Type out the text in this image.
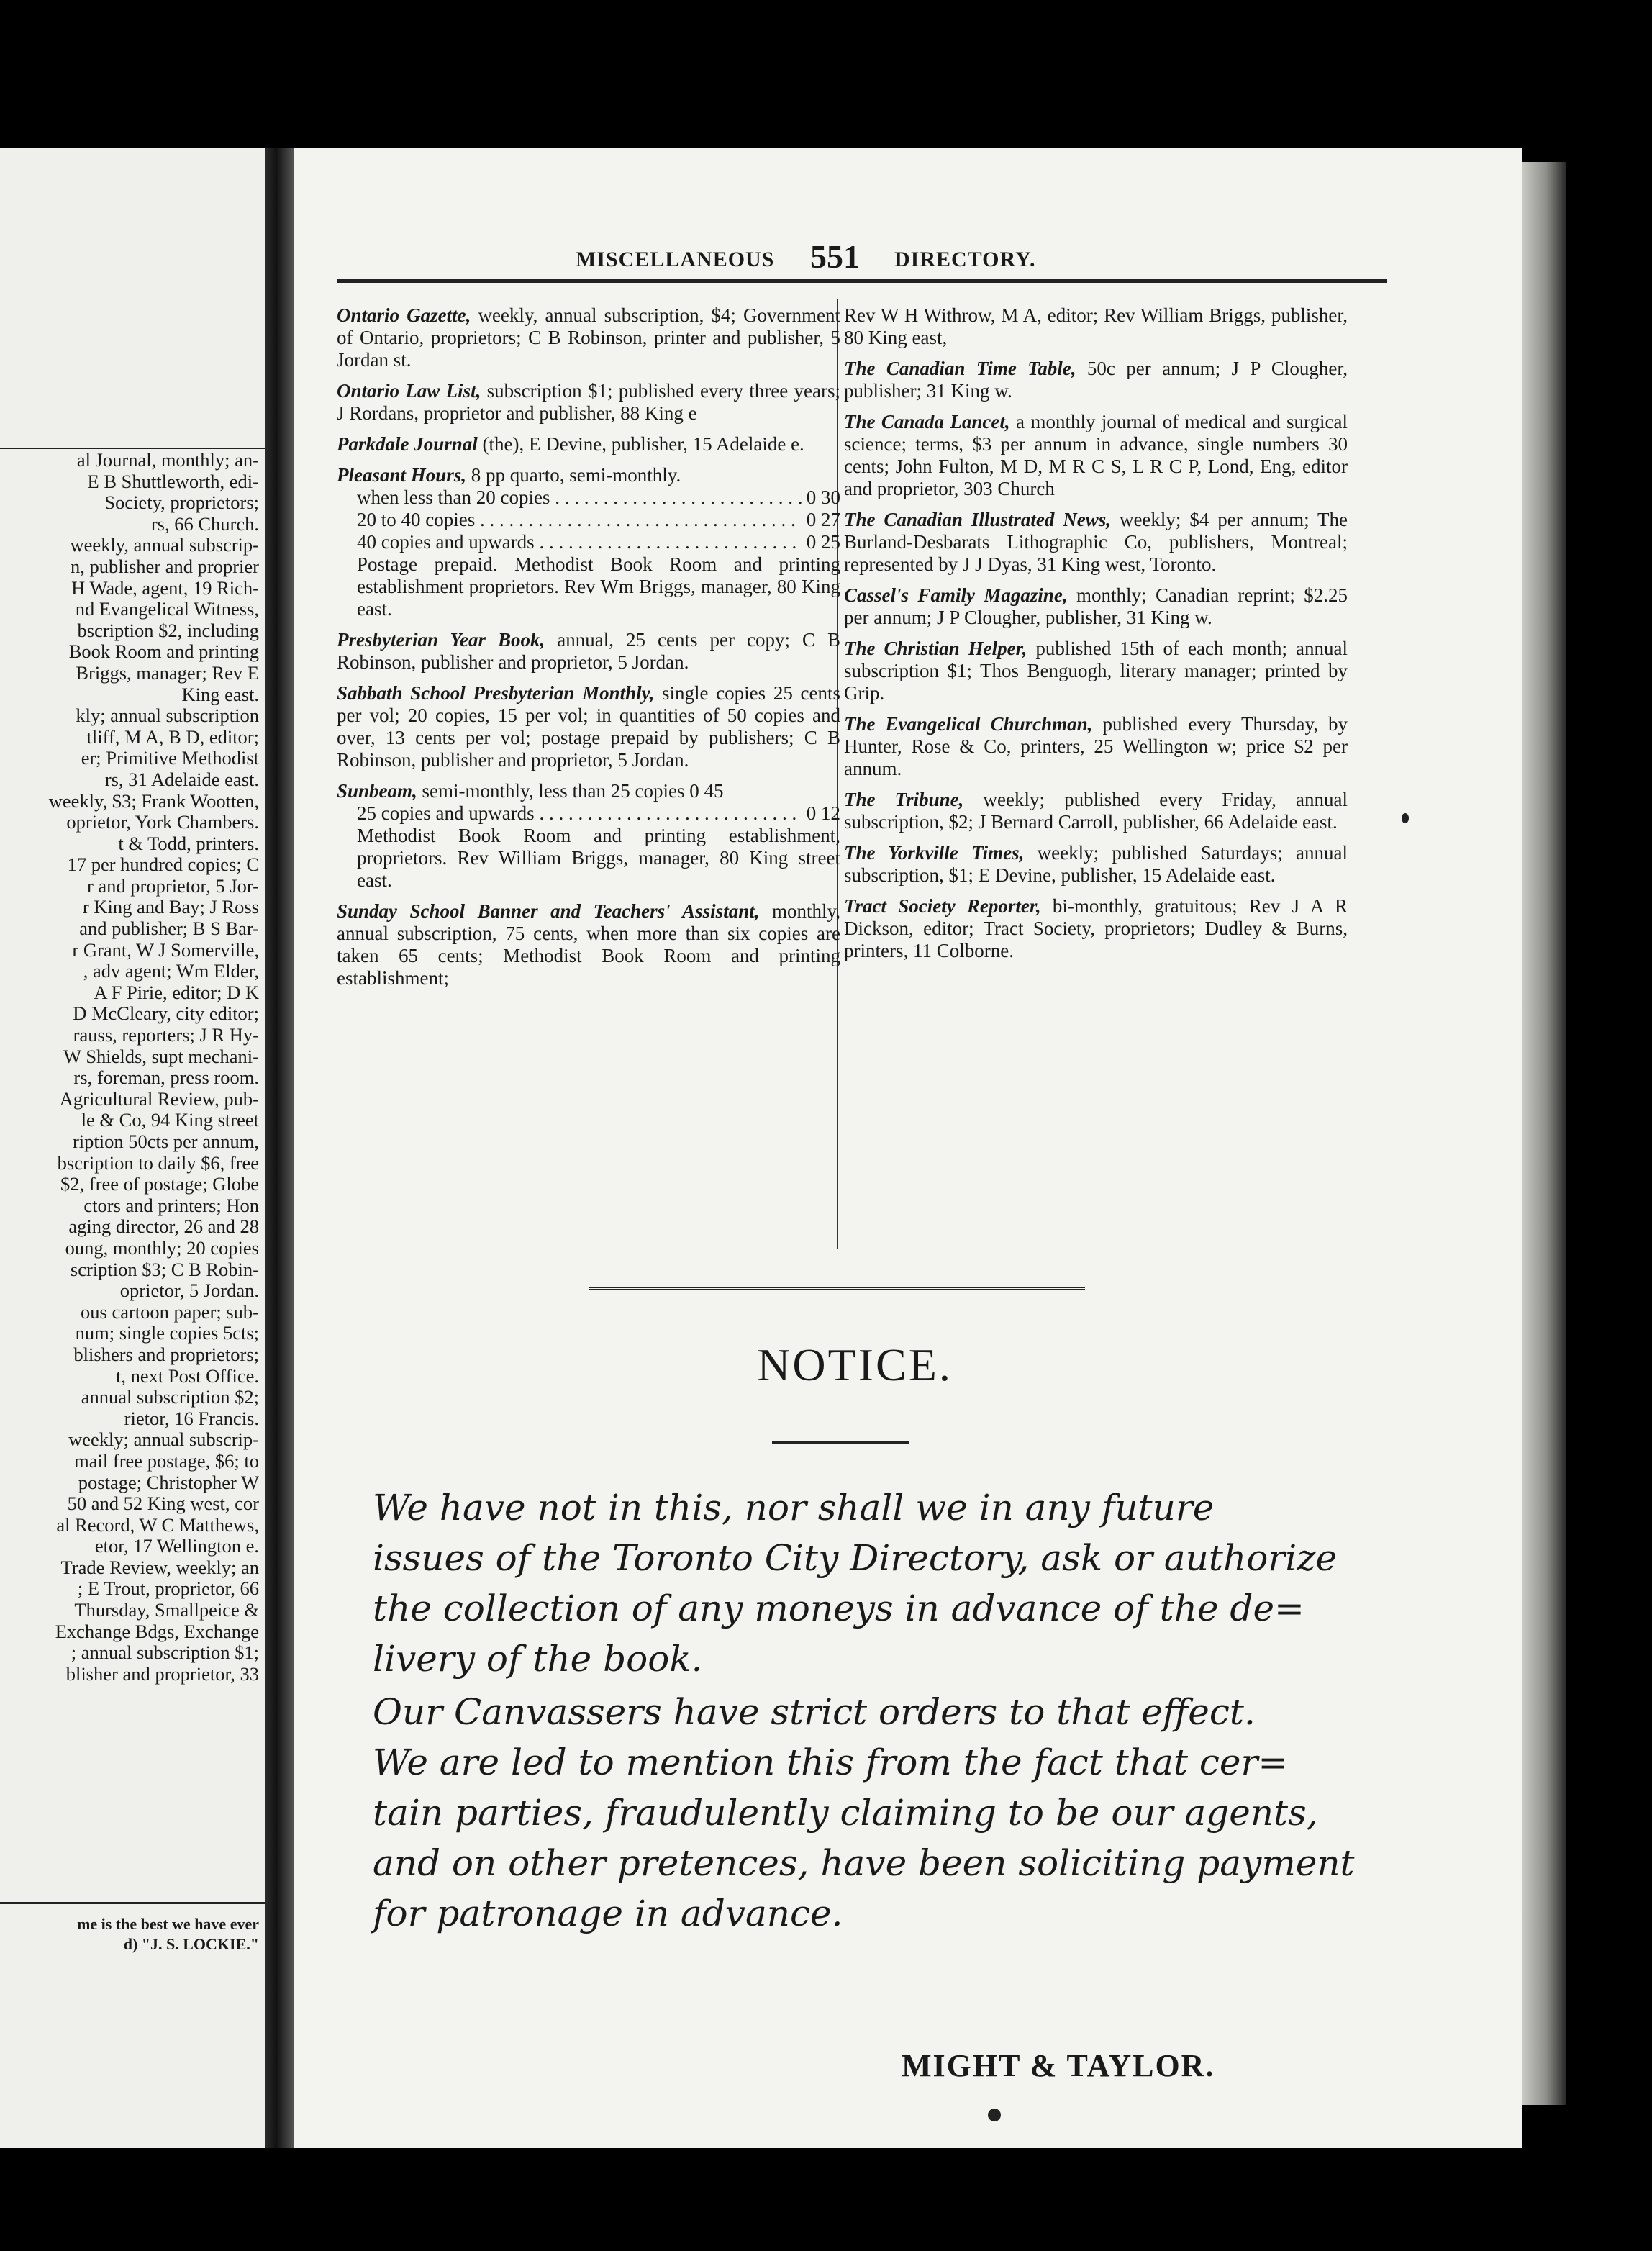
al Journal, monthly; an-
E B Shuttleworth, edi-
Society, proprietors;
rs, 66 Church.
weekly, annual subscrip-
n, publisher and proprier
H Wade, agent, 19 Rich-
nd Evangelical Witness,
bscription $2, including
Book Room and printing
Briggs, manager; Rev E
King east.
kly; annual subscription
tliff, M A, B D, editor;
er; Primitive Methodist
rs, 31 Adelaide east.
weekly, $3; Frank Wootten,
oprietor, York Chambers.
t & Todd, printers.
17 per hundred copies; C
r and proprietor, 5 Jor-
r King and Bay; J Ross
and publisher; B S Bar-
r Grant, W J Somerville,
, adv agent; Wm Elder,
A F Pirie, editor; D K
D McCleary, city editor;
rauss, reporters; J R Hy-
W Shields, supt mechani-
rs, foreman, press room.
Agricultural Review, pub-
le & Co, 94 King street
ription 50cts per annum,
bscription to daily $6, free
$2, free of postage; Globe
ctors and printers; Hon
aging director, 26 and 28
oung, monthly; 20 copies
scription $3; C B Robin-
oprietor, 5 Jordan.
ous cartoon paper; sub-
num; single copies 5cts;
blishers and proprietors;
t, next Post Office.
annual subscription $2;
rietor, 16 Francis.
weekly; annual subscrip-
mail free postage, $6; to
postage; Christopher W
50 and 52 King west, cor
al Record, W C Matthews,
etor, 17 Wellington e.
Trade Review, weekly; an
; E Trout, proprietor, 66
Thursday, Smallpeice &
Exchange Bdgs, Exchange
; annual subscription $1;
blisher and proprietor, 33
me is the best we have ever
d) "J. S. LOCKIE."
MISCELLANEOUS 551 DIRECTORY.
Ontario Gazette, weekly, annual subscription, $4; Government of Ontario, proprietors; C B Robinson, printer and publisher, 5 Jordan st.
Ontario Law List, subscription $1; published every three years; J Rordans, proprietor and publisher, 88 King e
Parkdale Journal (the), E Devine, publisher, 15 Adelaide e.
Pleasant Hours, 8 pp quarto, semi-monthly.
when less than 20 copies . . .	0 30
20 to 40 copies . . .	0 27
40 copies and upwards . . .	0 25
Postage prepaid. Methodist Book Room and printing establishment proprietors. Rev Wm Briggs, manager, 80 King east.
Presbyterian Year Book, annual, 25 cents per copy; C B Robinson, publisher and proprietor, 5 Jordan.
Sabbath School Presbyterian Monthly, single copies 25 cents per vol; 20 copies, 15 per vol; in quantities of 50 copies and over, 13 cents per vol; postage prepaid by publishers; C B Robinson, publisher and proprietor, 5 Jordan.
Sunbeam, semi-monthly, less than 25 copies 0 45
25 copies and upwards . . .	0 12
Methodist Book Room and printing establishment, proprietors. Rev William Briggs, manager, 80 King street east.
Sunday School Banner and Teachers' Assistant, monthly, annual subscription, 75 cents, when more than six copies are taken 65 cents; Methodist Book Room and printing establishment;
Rev W H Withrow, M A, editor; Rev William Briggs, publisher, 80 King east,
The Canadian Time Table, 50c per annum; J P Clougher, publisher; 31 King w.
The Canada Lancet, a monthly journal of medical and surgical science; terms, $3 per annum in advance, single numbers 30 cents; John Fulton, M D, M R C S, L R C P, Lond, Eng, editor and proprietor, 303 Church
The Canadian Illustrated News, weekly; $4 per annum; The Burland-Desbarats Lithographic Co, publishers, Montreal; represented by J J Dyas, 31 King west, Toronto.
Cassel's Family Magazine, monthly; Canadian reprint; $2.25 per annum; J P Clougher, publisher, 31 King w.
The Christian Helper, published 15th of each month; annual subscription $1; Thos Benguogh, literary manager; printed by Grip.
The Evangelical Churchman, published every Thursday, by Hunter, Rose & Co, printers, 25 Wellington w; price $2 per annum.
The Tribune, weekly; published every Friday, annual subscription, $2; J Bernard Carroll, publisher, 66 Adelaide east.
The Yorkville Times, weekly; published Saturdays; annual subscription, $1; E Devine, publisher, 15 Adelaide east.
Tract Society Reporter, bi-monthly, gratuitous; Rev J A R Dickson, editor; Tract Society, proprietors; Dudley & Burns, printers, 11 Colborne.
NOTICE.
We have not in this, nor shall we in any future
issues of the Toronto City Directory, ask or authorize
the collection of any moneys in advance of the de=
livery of the book.
Our Canvassers have strict orders to that effect.
We are led to mention this from the fact that cer=
tain parties, fraudulently claiming to be our agents,
and on other pretences, have been soliciting payment
for patronage in advance.
MIGHT & TAYLOR.
